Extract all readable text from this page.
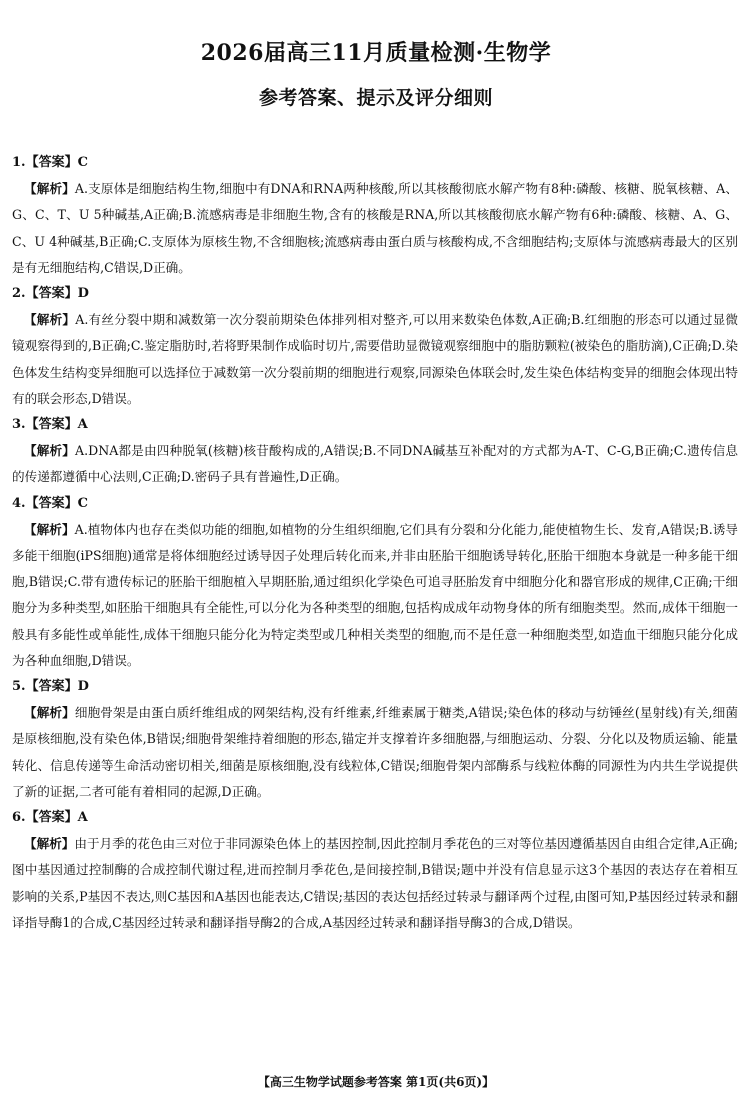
2026届高三11月质量检测·生物学
参考答案、提示及评分细则

1.【答案】C

【解析】A.支原体是细胞结构生物,细胞中有DNA和RNA两种核酸,所以其核酸彻底水解产物有8种:磷酸、核糖、脱氧核糖、A、G、C、T、U 5种碱基,A正确;B.流感病毒是非细胞生物,含有的核酸是RNA,所以其核酸彻底水解产物有6种:磷酸、核糖、A、G、C、U 4种碱基,B正确;C.支原体为原核生物,不含细胞核;流感病毒由蛋白质与核酸构成,不含细胞结构;支原体与流感病毒最大的区别是有无细胞结构,C错误,D正确。

2.【答案】D

【解析】A.有丝分裂中期和减数第一次分裂前期染色体排列相对整齐,可以用来数染色体数,A正确;B.红细胞的形态可以通过显微镜观察得到的,B正确;C.鉴定脂肪时,若将野果制作成临时切片,需要借助显微镜观察细胞中的脂肪颗粒(被染色的脂肪滴),C正确;D.染色体发生结构变异细胞可以选择位于减数第一次分裂前期的细胞进行观察,同源染色体联会时,发生染色体结构变异的细胞会体现出特有的联会形态,D错误。

3.【答案】A

【解析】A.DNA都是由四种脱氧(核糖)核苷酸构成的,A错误;B.不同DNA碱基互补配对的方式都为A-T、C-G,B正确;C.遗传信息的传递都遵循中心法则,C正确;D.密码子具有普遍性,D正确。

4.【答案】C

【解析】A.植物体内也存在类似功能的细胞,如植物的分生组织细胞,它们具有分裂和分化能力,能使植物生长、发育,A错误;B.诱导多能干细胞(iPS细胞)通常是将体细胞经过诱导因子处理后转化而来,并非由胚胎干细胞诱导转化,胚胎干细胞本身就是一种多能干细胞,B错误;C.带有遗传标记的胚胎干细胞植入早期胚胎,通过组织化学染色可追寻胚胎发育中细胞分化和器官形成的规律,C正确;干细胞分为多种类型,如胚胎干细胞具有全能性,可以分化为各种类型的细胞,包括构成成年动物身体的所有细胞类型。然而,成体干细胞一般具有多能性或单能性,成体干细胞只能分化为特定类型或几种相关类型的细胞,而不是任意一种细胞类型,如造血干细胞只能分化成为各种血细胞,D错误。

5.【答案】D

【解析】细胞骨架是由蛋白质纤维组成的网架结构,没有纤维素,纤维素属于糖类,A错误;染色体的移动与纺锤丝(星射线)有关,细菌是原核细胞,没有染色体,B错误;细胞骨架维持着细胞的形态,锚定并支撑着许多细胞器,与细胞运动、分裂、分化以及物质运输、能量转化、信息传递等生命活动密切相关,细菌是原核细胞,没有线粒体,C错误;细胞骨架内部酶系与线粒体酶的同源性为内共生学说提供了新的证据,二者可能有着相同的起源,D正确。

6.【答案】A

【解析】由于月季的花色由三对位于非同源染色体上的基因控制,因此控制月季花色的三对等位基因遵循基因自由组合定律,A正确;图中基因通过控制酶的合成控制代谢过程,进而控制月季花色,是间接控制,B错误;题中并没有信息显示这3个基因的表达存在着相互影响的关系,P基因不表达,则C基因和A基因也能表达,C错误;基因的表达包括经过转录与翻译两个过程,由图可知,P基因经过转录和翻译指导酶1的合成,C基因经过转录和翻译指导酶2的合成,A基因经过转录和翻译指导酶3的合成,D错误。

【高三生物学试题参考答案 第1页(共6页)】
